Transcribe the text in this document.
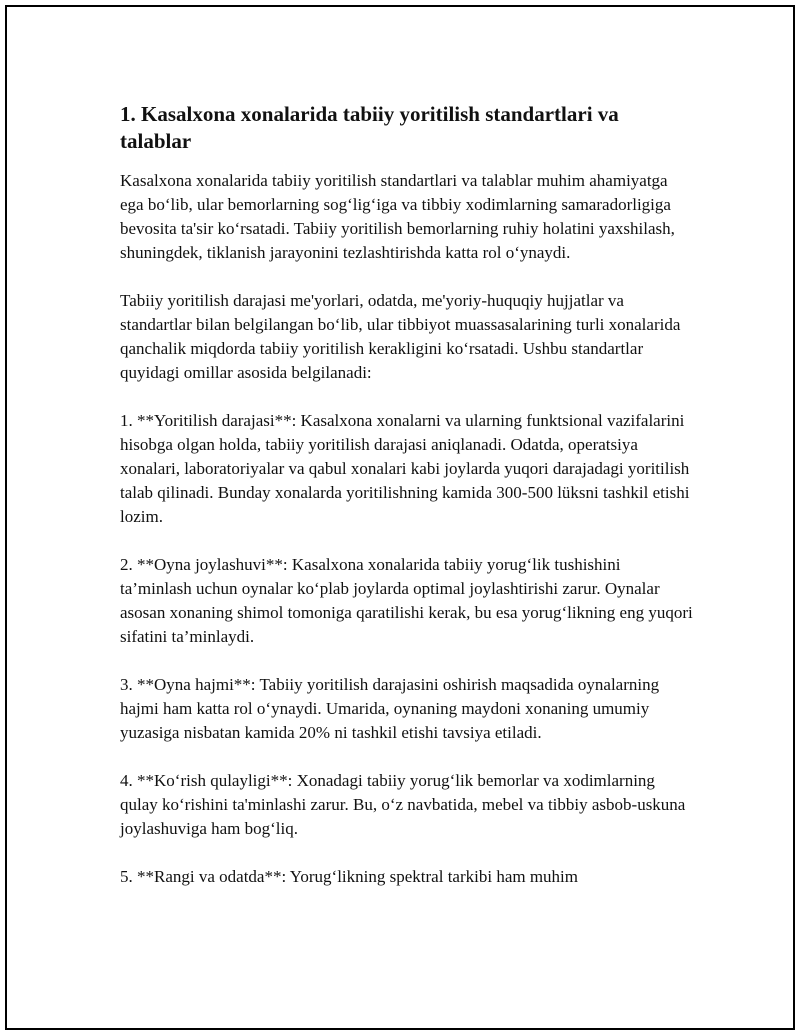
1. Kasalxona xonalarida tabiiy yoritilish standartlari va talablar

Kasalxona xonalarida tabiiy yoritilish standartlari va talablar muhim ahamiyatga ega bo‘lib, ular bemorlarning sog‘lig‘iga va tibbiy xodimlarning samaradorligiga bevosita ta'sir ko‘rsatadi. Tabiiy yoritilish bemorlarning ruhiy holatini yaxshilash, shuningdek, tiklanish jarayonini tezlashtirishda katta rol o‘ynaydi.

Tabiiy yoritilish darajasi me'yorlari, odatda, me'yoriy-huquqiy hujjatlar va standartlar bilan belgilangan bo‘lib, ular tibbiyot muassasalarining turli xonalarida qanchalik miqdorda tabiiy yoritilish kerakligini ko‘rsatadi. Ushbu standartlar quyidagi omillar asosida belgilanadi:

1. **Yoritilish darajasi**: Kasalxona xonalarni va ularning funktsional vazifalarini hisobga olgan holda, tabiiy yoritilish darajasi aniqlanadi. Odatda, operatsiya xonalari, laboratoriyalar va qabul xonalari kabi joylarda yuqori darajadagi yoritilish talab qilinadi. Bunday xonalarda yoritilishning kamida 300-500 lüksni tashkil etishi lozim.

2. **Oyna joylashuvi**: Kasalxona xonalarida tabiiy yorug‘lik tushishini ta’minlash uchun oynalar ko‘plab joylarda optimal joylashtirishi zarur. Oynalar asosan xonaning shimol tomoniga qaratilishi kerak, bu esa yorug‘likning eng yuqori sifatini ta’minlaydi.

3. **Oyna hajmi**: Tabiiy yoritilish darajasini oshirish maqsadida oynalarning hajmi ham katta rol o‘ynaydi. Umarida, oynaning maydoni xonaning umumiy yuzasiga nisbatan kamida 20% ni tashkil etishi tavsiya etiladi.

4. **Ko‘rish qulayligi**: Xonadagi tabiiy yorug‘lik bemorlar va xodimlarning qulay ko‘rishini ta'minlashi zarur. Bu, o‘z navbatida, mebel va tibbiy asbob-uskuna joylashuviga ham bog‘liq.

5. **Rangi va odatda**: Yorug‘likning spektral tarkibi ham muhim
